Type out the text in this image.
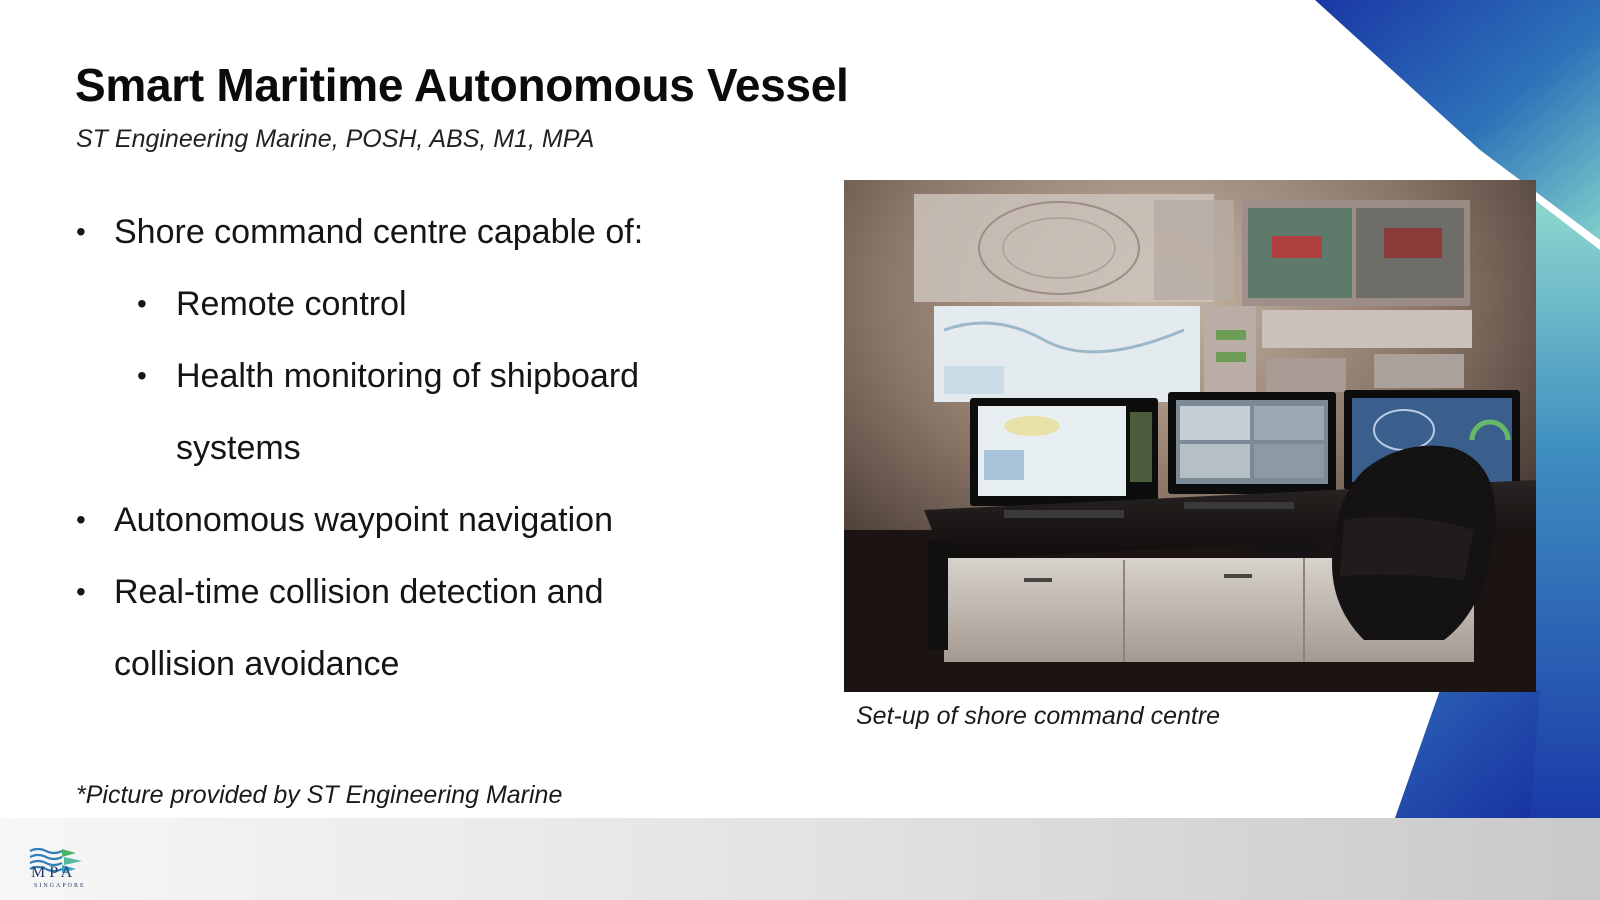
Smart Maritime Autonomous Vessel
ST Engineering Marine, POSH, ABS, M1, MPA
• Shore command centre capable of:
• Remote control
• Health monitoring of shipboard
systems
• Autonomous waypoint navigation
• Real-time collision detection and
collision avoidance
Set-up of shore command centre
*Picture provided by ST Engineering Marine
MPA
SINGAPORE
